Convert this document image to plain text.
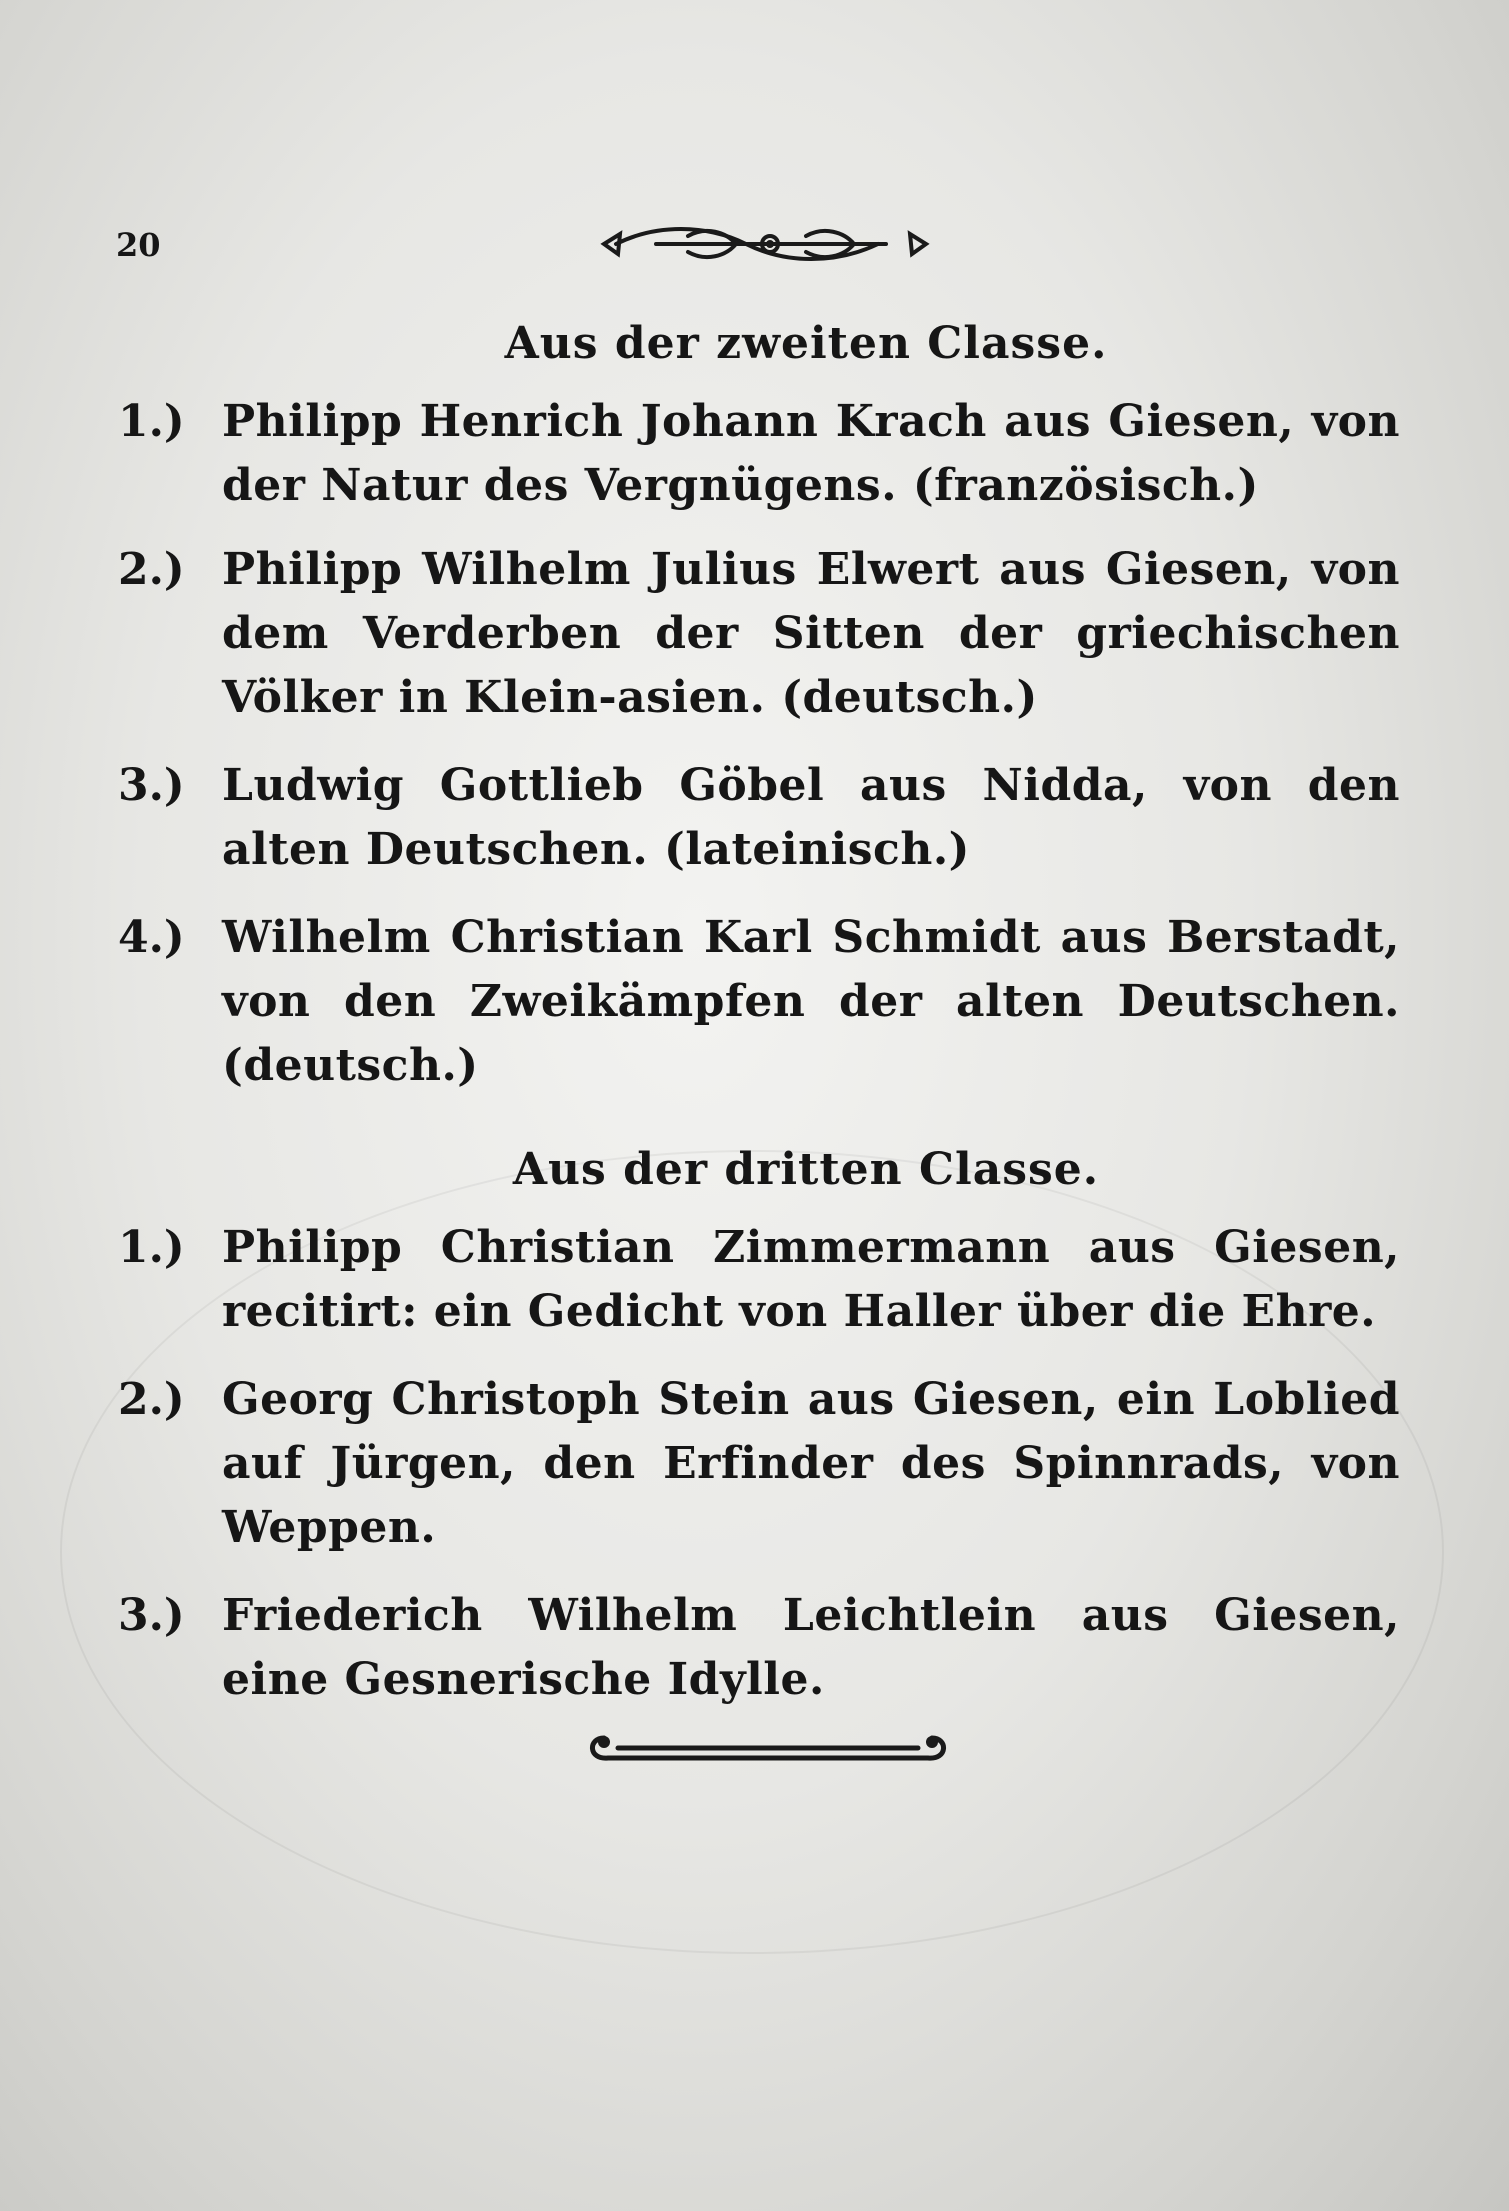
20

Aus der zweiten Classe.
1.) Philipp Henrich Johann Krach aus Giesen, von der Natur des Vergnügens. (französisch.)

2.) Philipp Wilhelm Julius Elwert aus Giesen, von dem Verderben der Sitten der griechischen Völker in Klein-asien. (deutsch.)

3.) Ludwig Gottlieb Göbel aus Nidda, von den alten Deutschen. (lateinisch.)

4.) Wilhelm Christian Karl Schmidt aus Berstadt, von den Zweikämpfen der alten Deutschen. (deutsch.)

Aus der dritten Classe.
1.) Philipp Christian Zimmermann aus Giesen, recitirt: ein Gedicht von Haller über die Ehre.

2.) Georg Christoph Stein aus Giesen, ein Loblied auf Jürgen, den Erfinder des Spinnrads, von Weppen.

3.) Friederich Wilhelm Leichtlein aus Giesen, eine Gesnerische Idylle.
